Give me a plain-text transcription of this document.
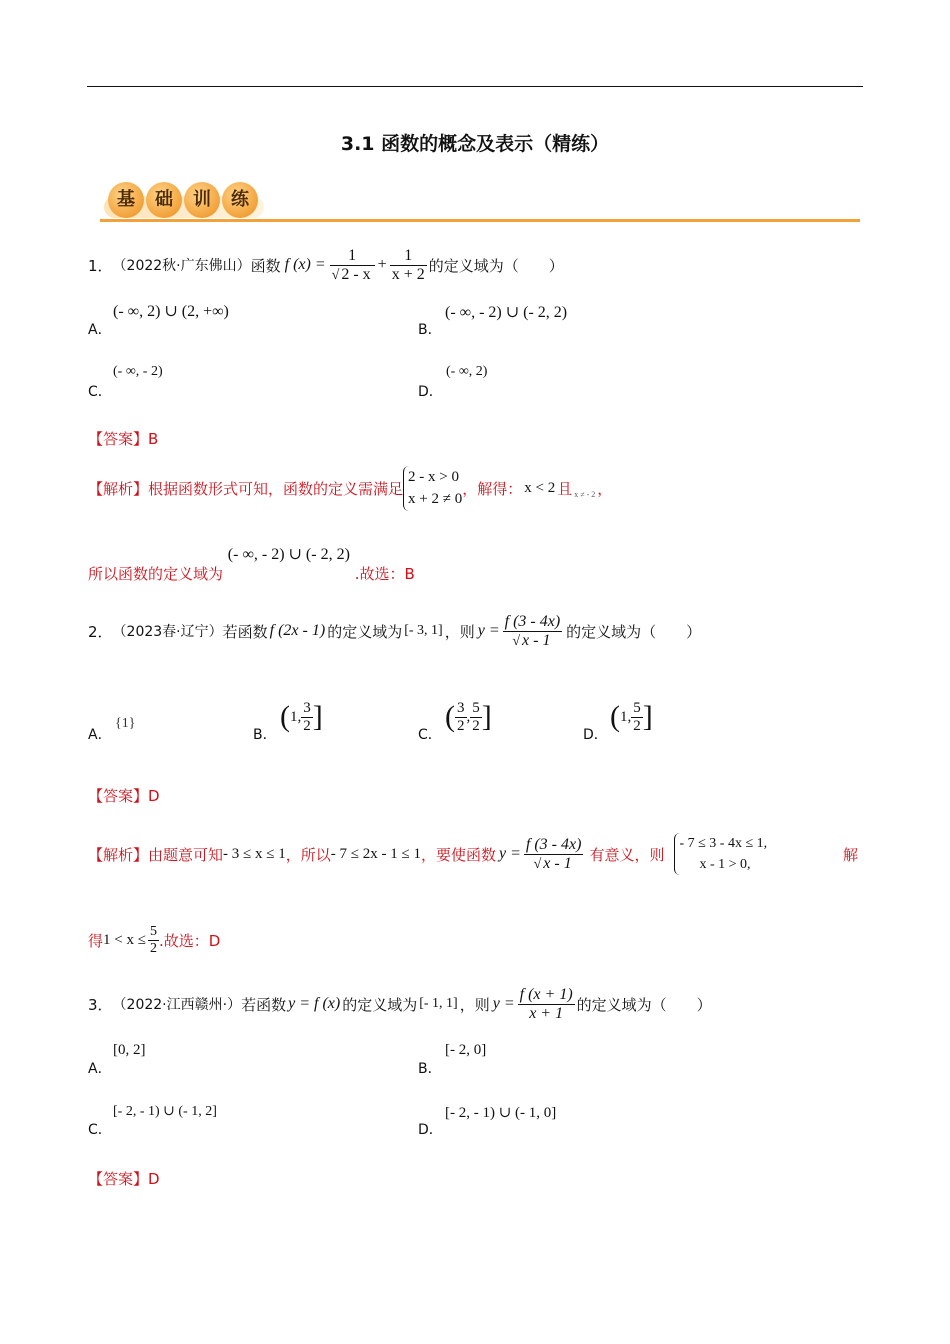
3.1 函数的概念及表示（精练）
基	础	训	练
1． （2022秋·广东佛山） 函数 f $(x) = \frac{1}{√ 2 - x} + \frac{1}{x + 2}$ 的定义域为（　　）
A．
(- ∞, 2) ∪ (2, +∞)
B．
(- ∞, - 2) ∪ (- 2, 2)
C．
(- ∞, - 2)
D．
(- ∞, 2)
【答案】B
【解析】 根据函数形式可知，函数的定义需满足
2 - x > 0
x + 2 ≠ 0
，解得： x < 2 且 x ≠ - 2 ，
所以函数的定义域为 (- ∞, - 2) ∪ (- 2, 2) .故选：B
2． （2023春·辽宁） 若函数 f (2x - 1) 的定义域为 [- 3, 1] ，则 $y = \frac{f (3 - 4x)}{√ x - 1}$ 的定义域为（　　）
A．
{1}
B．
( 1, $\frac{3}{2}$ ]
C．
( $\frac{3}{2}$ , $\frac{5}{2}$ ]
D．
( 1, $\frac{5}{2}$ ]
【答案】D
【解析】 由题意可知 - 3 ≤ x ≤ 1 ，所以 - 7 ≤ 2x - 1 ≤ 1 ，要使函数 $y = \frac{f (3 - 4x)}{√ x - 1}$ 有意义，则
- 7 ≤ 3 - 4x ≤ 1,
x - 1 > 0,
解
得 $1 < x \le \frac{5}{2}$ .故选：D
3． （2022·江西赣州·） 若函数 y = f (x) 的定义域为 [- 1, 1] ，则 $y = \frac{f (x + 1)}{x + 1}$ 的定义域为（　　）
A．
[0, 2]
B．
[- 2, 0]
C．
[- 2, - 1) ∪ (- 1, 2]
D．
[- 2, - 1) ∪ (- 1, 0]
【答案】D
